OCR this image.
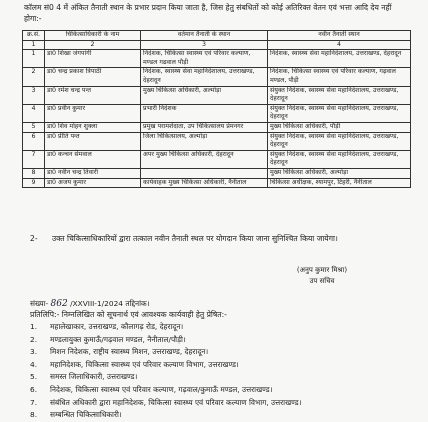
कॉलम सं0 4 में अंकित तैनाती स्थान के प्रभार प्रदान किया जाता है, जिस हेतु संबधितों को कोई अतिरिक्त वेतन एवं भत्ता आदि देय नहीं होगा:-
क्र.सं.	चिकित्साधिकारी के नाम	वर्तमान तैनाती के स्थान	नवीन तैनाती स्थान
1	2	3	4
1	डा0 शिखा जंगपांगी	निदेशक, चिकित्सा स्वास्थ्य एवं परिवार कल्याण, मण्डल गढवाल पौड़ी	निदेशक, स्वास्थ्य सेवा महानिदेशालय, उत्तराखण्ड, देहरादून
2	डा0 चन्द्र प्रकाश त्रिपाठी	निदेशक, स्वास्थ्य सेवा महानिदेशालय, उत्तराखण्ड, देहरादून	निदेशक, चिकित्सा स्वास्थ्य एवं परिवार कल्याण, गढ़वाल मण्डल, पौड़ी
3	डा0 रमेश चन्द्र पन्त	मुख्य चिकित्सा अधिकारी, अल्मोड़ा	संयुक्त निदेशक, स्वास्थ्य सेवा महानिदेशालय, उत्तराखण्ड, देहरादून
4	डा0 प्रवीन कुमार	प्रभारी निदेशक	संयुक्त निदेशक, स्वास्थ्य सेवा महानिदेशालय, उत्तराखण्ड, देहरादून
5	डा0 शिव मोहन शुक्ला	प्रमुख परामर्शदाता, उप चिकित्सालय प्रेमनगर	मुख्य चिकित्सा अधिकारी, पौड़ी
6	डा0 प्रीति पन्त	जिला चिकित्सालय, अल्मोड़ा	संयुक्त निदेशक, स्वास्थ्य सेवा महानिदेशालय, उत्तराखण्ड, देहरादून
7	डा0 कन्चन सेमवाल	अपर मुख्य चिकित्सा अधिकारी, देहरादून	संयुक्त निदेशक, स्वास्थ्य सेवा महानिदेशालय, उत्तराखण्ड, देहरादून
8	डा0 नवीन चन्द्र तिवारी		मुख्य चिकित्सा अधिकारी, अल्मोड़ा
9	डा0 अजय कुमार	कार्यवाहक मुख्य चिकित्सा अधिकारी, नैनीताल	चिकित्सा अधीक्षक, श्यामपुर, टिहरी, नैनीताल
2- उक्त चिकित्साधिकारियों द्वारा तत्काल नवीन तैनाती स्थल पर योगदान किया जाना सुनिश्चित किया जायेगा।
(अनुप कुमार मिश्रा)
उप सचिव
संख्या- 862 /XXVIII-1/2024 तद्दिनांक।
प्रतिलिपि:- निम्नलिखित को सूचनार्थ एवं आवश्यक कार्यवाही हेतु प्रेषित:-
1. महालेखाकार, उत्तराखण्ड, कौलागढ़ रोड, देहरादून।
2. मण्डलायुक्त कुमाऊँ/गढ़वाल मण्डल, नैनीताल/पौड़ी।
3. मिशन निदेशक, राष्ट्रीय स्वास्थ्य मिशन, उत्तराखण्ड, देहरादून।
4. महानिदेशक, चिकित्सा स्वास्थ्य एवं परिवार कल्याण विभाग, उत्तराखण्ड।
5. समस्त जिलाधिकारी, उत्तराखण्ड।
6. निदेशक, चिकित्सा स्वास्थ्य एवं परिवार कल्याण, गढ़वाल/कुमाऊँ मण्डल, उत्तराखण्ड।
7. संबंधित अधिकारी द्वारा महानिदेशक, चिकित्सा स्वास्थ्य एवं परिवार कल्याण विभाग, उत्तराखण्ड।
8. सम्बन्धित चिकित्साधिकारी।
